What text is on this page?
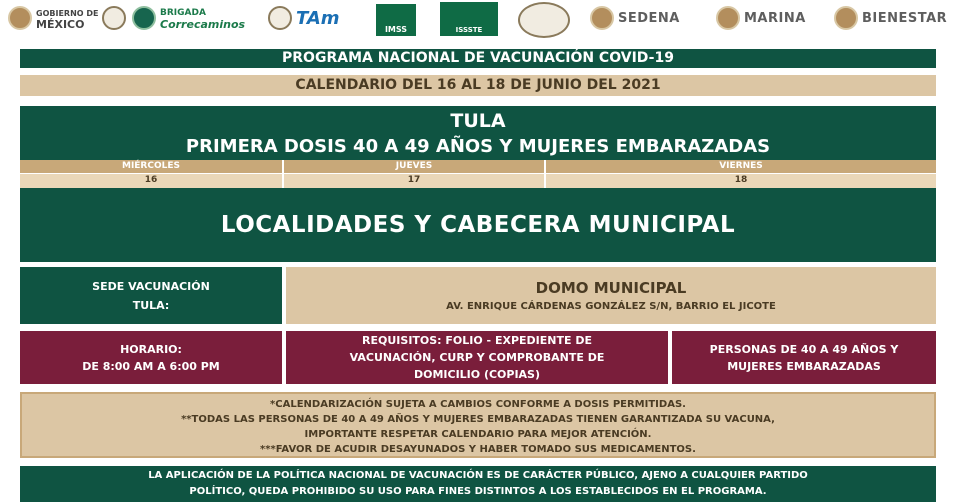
GOBIERNO DE
MÉXICO
BRIGADA
Correcaminos	TAm
IMSS	ISSSTE
SEDENA	MARINA	BIENESTAR
PROGRAMA NACIONAL DE VACUNACIÓN COVID-19
CALENDARIO DEL 16 AL 18 DE JUNIO DEL 2021
TULA
PRIMERA DOSIS 40 A 49 AÑOS Y MUJERES EMBARAZADAS
MIÉRCOLES	JUEVES	VIERNES
16	17	18
LOCALIDADES Y CABECERA MUNICIPAL
SEDE VACUNACIÓN
TULA:
DOMO MUNICIPAL
AV. ENRIQUE CÁRDENAS GONZÁLEZ S/N, BARRIO EL JICOTE
HORARIO:
DE 8:00 AM A 6:00 PM
REQUISITOS: FOLIO - EXPEDIENTE DE
VACUNACIÓN, CURP Y COMPROBANTE DE
DOMICILIO (COPIAS)
PERSONAS DE 40 A 49 AÑOS Y
MUJERES EMBARAZADAS
*CALENDARIZACIÓN SUJETA A CAMBIOS CONFORME A DOSIS PERMITIDAS.
**TODAS LAS PERSONAS DE 40 A 49 AÑOS Y MUJERES EMBARAZADAS TIENEN GARANTIZADA SU VACUNA,
IMPORTANTE RESPETAR CALENDARIO PARA MEJOR ATENCIÓN.
***FAVOR DE ACUDIR DESAYUNADOS Y HABER TOMADO SUS MEDICAMENTOS.
LA APLICACIÓN DE LA POLÍTICA NACIONAL DE VACUNACIÓN ES DE CARÁCTER PÚBLICO, AJENO A CUALQUIER PARTIDO
POLÍTICO, QUEDA PROHIBIDO SU USO PARA FINES DISTINTOS A LOS ESTABLECIDOS EN EL PROGRAMA.
